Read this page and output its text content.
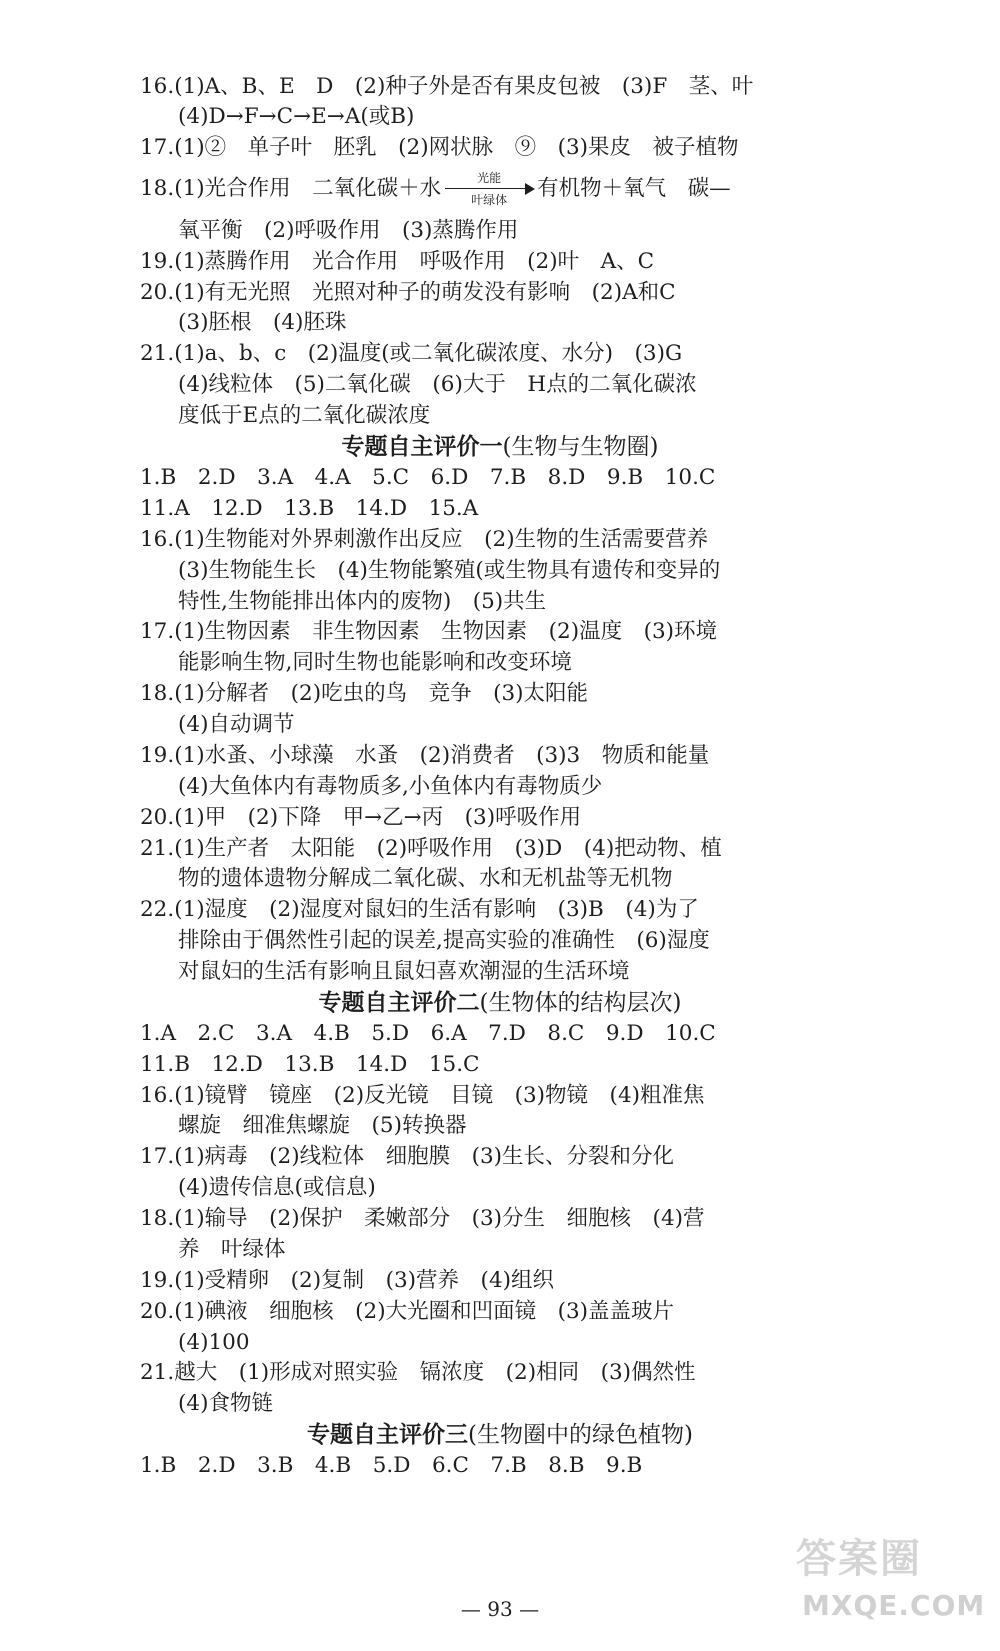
16.(1)A、B、E　D　(2)种子外是否有果皮包被　(3)F　茎、叶
(4)D→F→C→E→A(或B)
17.(1)②　单子叶　胚乳　(2)网状脉　⑨　(3)果皮　被子植物
18.(1)光合作用　二氧化碳＋水	光能
叶绿体	有机物＋氧气　碳—
氧平衡　(2)呼吸作用　(3)蒸腾作用
19.(1)蒸腾作用　光合作用　呼吸作用　(2)叶　A、C
20.(1)有无光照　光照对种子的萌发没有影响　(2)A和C
(3)胚根　(4)胚珠
21.(1)a、b、c　(2)温度(或二氧化碳浓度、水分)　(3)G
(4)线粒体　(5)二氧化碳　(6)大于　H点的二氧化碳浓
度低于E点的二氧化碳浓度
专题自主评价一(生物与生物圈)
1.B　2.D　3.A　4.A　5.C　6.D　7.B　8.D　9.B　10.C
11.A　12.D　13.B　14.D　15.A
16.(1)生物能对外界刺激作出反应　(2)生物的生活需要营养
(3)生物能生长　(4)生物能繁殖(或生物具有遗传和变异的
特性,生物能排出体内的废物)　(5)共生
17.(1)生物因素　非生物因素　生物因素　(2)温度　(3)环境
能影响生物,同时生物也能影响和改变环境
18.(1)分解者　(2)吃虫的鸟　竞争　(3)太阳能
(4)自动调节
19.(1)水蚤、小球藻　水蚤　(2)消费者　(3)3　物质和能量
(4)大鱼体内有毒物质多,小鱼体内有毒物质少
20.(1)甲　(2)下降　甲→乙→丙　(3)呼吸作用
21.(1)生产者　太阳能　(2)呼吸作用　(3)D　(4)把动物、植
物的遗体遗物分解成二氧化碳、水和无机盐等无机物
22.(1)湿度　(2)湿度对鼠妇的生活有影响　(3)B　(4)为了
排除由于偶然性引起的误差,提高实验的准确性　(6)湿度
对鼠妇的生活有影响且鼠妇喜欢潮湿的生活环境
专题自主评价二(生物体的结构层次)
1.A　2.C　3.A　4.B　5.D　6.A　7.D　8.C　9.D　10.C
11.B　12.D　13.B　14.D　15.C
16.(1)镜臂　镜座　(2)反光镜　目镜　(3)物镜　(4)粗准焦
螺旋　细准焦螺旋　(5)转换器
17.(1)病毒　(2)线粒体　细胞膜　(3)生长、分裂和分化
(4)遗传信息(或信息)
18.(1)输导　(2)保护　柔嫩部分　(3)分生　细胞核　(4)营
养　叶绿体
19.(1)受精卵　(2)复制　(3)营养　(4)组织
20.(1)碘液　细胞核　(2)大光圈和凹面镜　(3)盖盖玻片
(4)100
21.越大　(1)形成对照实验　镉浓度　(2)相同　(3)偶然性
(4)食物链
专题自主评价三(生物圈中的绿色植物)
1.B　2.D　3.B　4.B　5.D　6.C　7.B　8.B　9.B
— 93 —
答案圈
MXQE.COM
